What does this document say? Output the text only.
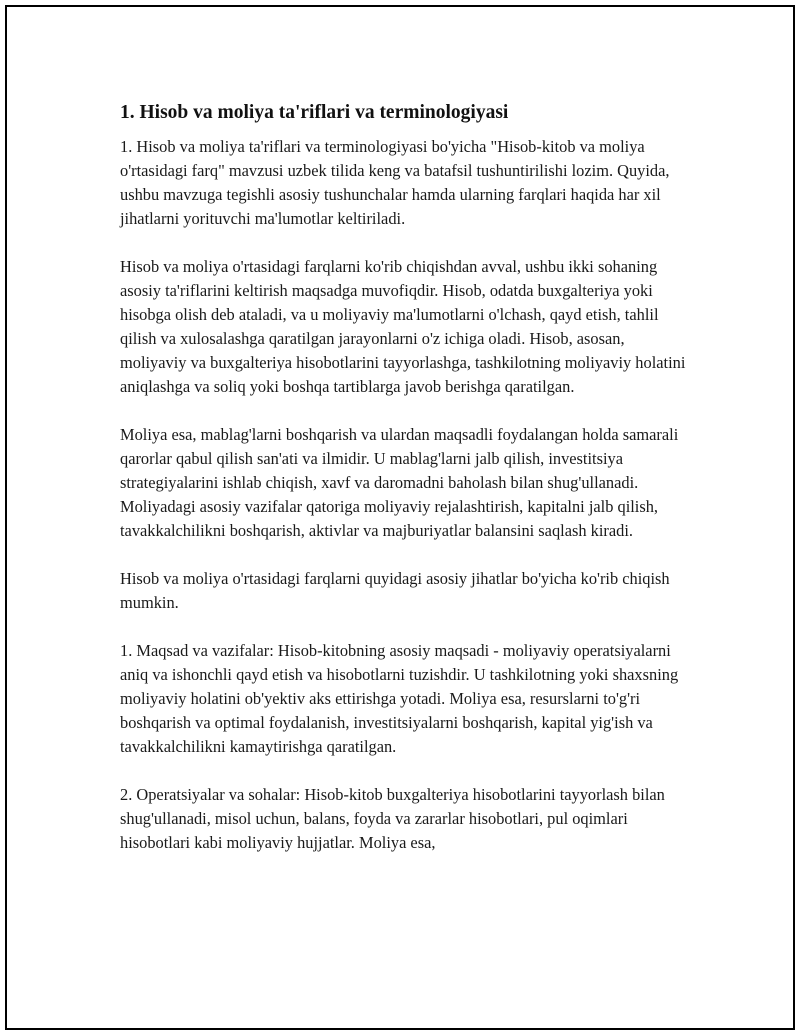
1. Hisob va moliya ta'riflari va terminologiyasi

1. Hisob va moliya ta'riflari va terminologiyasi bo'yicha "Hisob-kitob va moliya o'rtasidagi farq" mavzusi uzbek tilida keng va batafsil tushuntirilishi lozim. Quyida, ushbu mavzuga tegishli asosiy tushunchalar hamda ularning farqlari haqida har xil jihatlarni yorituvchi ma'lumotlar keltiriladi.

Hisob va moliya o'rtasidagi farqlarni ko'rib chiqishdan avval, ushbu ikki sohaning asosiy ta'riflarini keltirish maqsadga muvofiqdir. Hisob, odatda buxgalteriya yoki hisobga olish deb ataladi, va u moliyaviy ma'lumotlarni o'lchash, qayd etish, tahlil qilish va xulosalashga qaratilgan jarayonlarni o'z ichiga oladi. Hisob, asosan, moliyaviy va buxgalteriya hisobotlarini tayyorlashga, tashkilotning moliyaviy holatini aniqlashga va soliq yoki boshqa tartiblarga javob berishga qaratilgan.

Moliya esa, mablag'larni boshqarish va ulardan maqsadli foydalangan holda samarali qarorlar qabul qilish san'ati va ilmidir. U mablag'larni jalb qilish, investitsiya strategiyalarini ishlab chiqish, xavf va daromadni baholash bilan shug'ullanadi. Moliyadagi asosiy vazifalar qatoriga moliyaviy rejalashtirish, kapitalni jalb qilish, tavakkalchilikni boshqarish, aktivlar va majburiyatlar balansini saqlash kiradi.

Hisob va moliya o'rtasidagi farqlarni quyidagi asosiy jihatlar bo'yicha ko'rib chiqish mumkin.

1. Maqsad va vazifalar: Hisob-kitobning asosiy maqsadi - moliyaviy operatsiyalarni aniq va ishonchli qayd etish va hisobotlarni tuzishdir. U tashkilotning yoki shaxsning moliyaviy holatini ob'yektiv aks ettirishga yotadi. Moliya esa, resurslarni to'g'ri boshqarish va optimal foydalanish, investitsiyalarni boshqarish, kapital yig'ish va tavakkalchilikni kamaytirishga qaratilgan.

2. Operatsiyalar va sohalar: Hisob-kitob buxgalteriya hisobotlarini tayyorlash bilan shug'ullanadi, misol uchun, balans, foyda va zararlar hisobotlari, pul oqimlari hisobotlari kabi moliyaviy hujjatlar. Moliya esa,
